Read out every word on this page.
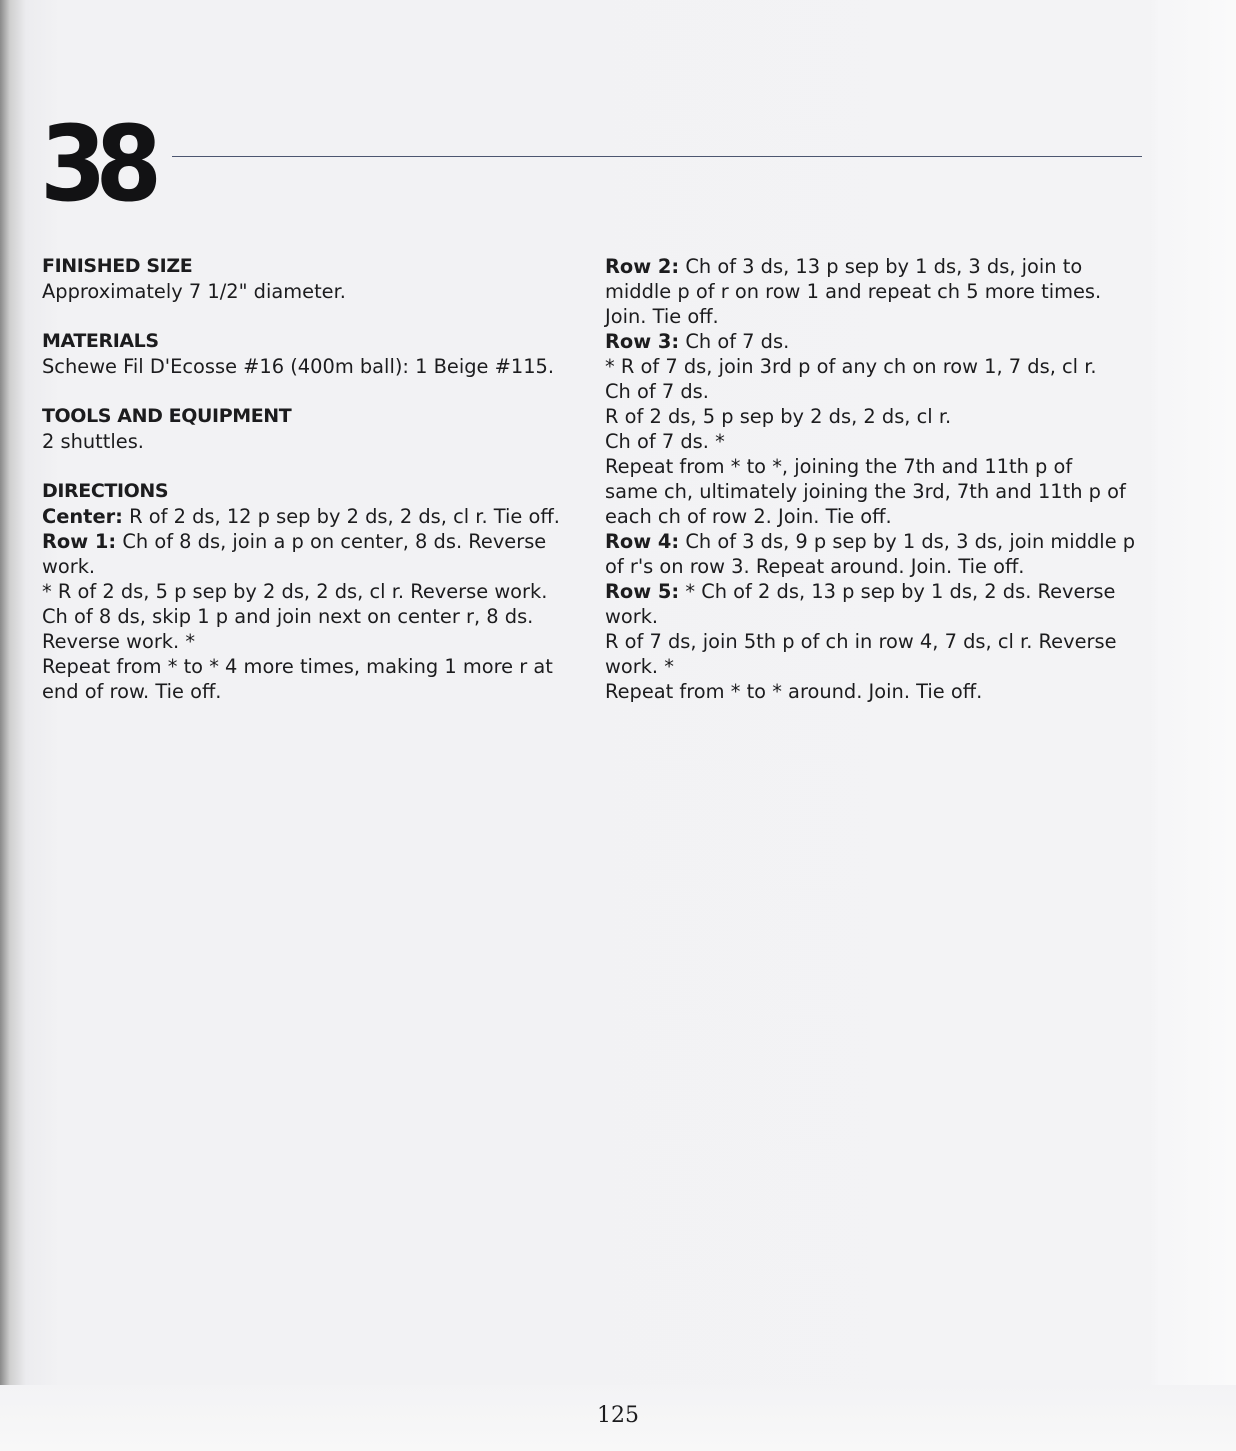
38
FINISHED SIZE
Approximately 7 1/2" diameter.
MATERIALS
Schewe Fil D'Ecosse #16 (400m ball): 1 Beige #115.
TOOLS AND EQUIPMENT
2 shuttles.
DIRECTIONS
Center: R of 2 ds, 12 p sep by 2 ds, 2 ds, cl r. Tie off.
Row 1: Ch of 8 ds, join a p on center, 8 ds. Reverse
work.
* R of 2 ds, 5 p sep by 2 ds, 2 ds, cl r. Reverse work.
Ch of 8 ds, skip 1 p and join next on center r, 8 ds.
Reverse work. *
Repeat from * to * 4 more times, making 1 more r at
end of row. Tie off.
Row 2: Ch of 3 ds, 13 p sep by 1 ds, 3 ds, join to
middle p of r on row 1 and repeat ch 5 more times.
Join. Tie off.
Row 3: Ch of 7 ds.
* R of 7 ds, join 3rd p of any ch on row 1, 7 ds, cl r.
Ch of 7 ds.
R of 2 ds, 5 p sep by 2 ds, 2 ds, cl r.
Ch of 7 ds. *
Repeat from * to *, joining the 7th and 11th p of
same ch, ultimately joining the 3rd, 7th and 11th p of
each ch of row 2. Join. Tie off.
Row 4: Ch of 3 ds, 9 p sep by 1 ds, 3 ds, join middle p
of r's on row 3. Repeat around. Join. Tie off.
Row 5: * Ch of 2 ds, 13 p sep by 1 ds, 2 ds. Reverse
work.
R of 7 ds, join 5th p of ch in row 4, 7 ds, cl r. Reverse
work. *
Repeat from * to * around. Join. Tie off.
125
